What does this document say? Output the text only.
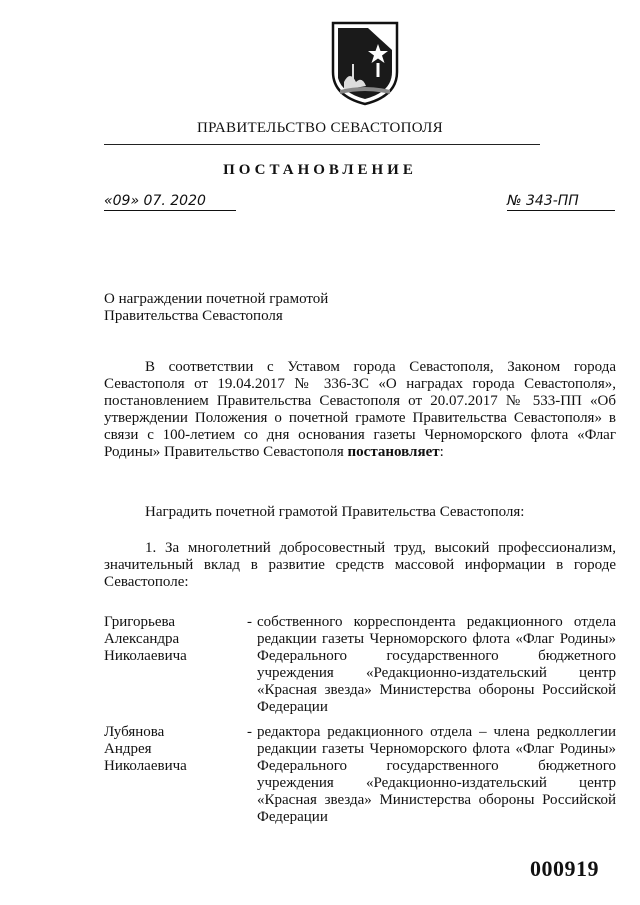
ПРАВИТЕЛЬСТВО СЕВАСТОПОЛЯ
ПОСТАНОВЛЕНИЕ
«09» 07. 2020	№ 343-ПП
О награждении почетной грамотой
Правительства Севастополя
В соответствии с Уставом города Севастополя, Законом города Севастополя от 19.04.2017 № 336-ЗС «О наградах города Севастополя», постановлением Правительства Севастополя от 20.07.2017 № 533-ПП «Об утверждении Положения о почетной грамоте Правительства Севастополя» в связи с 100-летием со дня основания газеты Черноморского флота «Флаг Родины» Правительство Севастополя постановляет:
Наградить почетной грамотой Правительства Севастополя:
1. За многолетний добросовестный труд, высокий профессионализм, значительный вклад в развитие средств массовой информации в городе Севастополе:
Григорьева
Александра
Николаевича
- собственного корреспондента редакционного отдела редакции газеты Черноморского флота «Флаг Родины» Федерального государственного бюджетного учреждения «Редакционно-издательский центр «Красная звезда» Министерства обороны Российской Федерации
Лубянова
Андрея
Николаевича
- редактора редакционного отдела – члена редколлегии редакции газеты Черноморского флота «Флаг Родины» Федерального государственного бюджетного учреждения «Редакционно-издательский центр «Красная звезда» Министерства обороны Российской Федерации
000919
